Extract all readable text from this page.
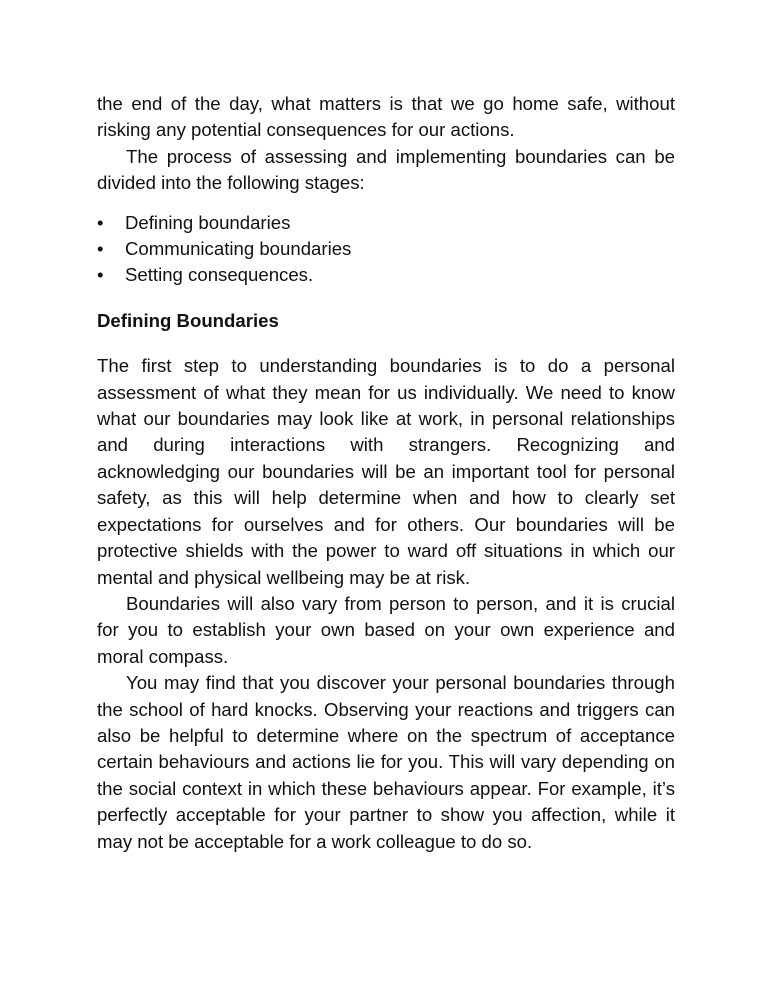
the end of the day, what matters is that we go home safe, without risking any potential consequences for our actions.

The process of assessing and implementing boundaries can be divided into the following stages:

•	Defining boundaries
•	Communicating boundaries
•	Setting consequences.
Defining Boundaries

The first step to understanding boundaries is to do a personal assessment of what they mean for us individually. We need to know what our boundaries may look like at work, in personal relationships and during interactions with strangers. Recognizing and acknowledging our boundaries will be an important tool for personal safety, as this will help determine when and how to clearly set expectations for ourselves and for others. Our boundaries will be protective shields with the power to ward off situations in which our mental and physical wellbeing may be at risk.

Boundaries will also vary from person to person, and it is crucial for you to establish your own based on your own experience and moral compass.

You may find that you discover your personal boundaries through the school of hard knocks. Observing your reactions and triggers can also be helpful to determine where on the spectrum of acceptance certain behaviours and actions lie for you. This will vary depending on the social context in which these behaviours appear. For example, it’s perfectly acceptable for your partner to show you affection, while it may not be acceptable for a work colleague to do so.
